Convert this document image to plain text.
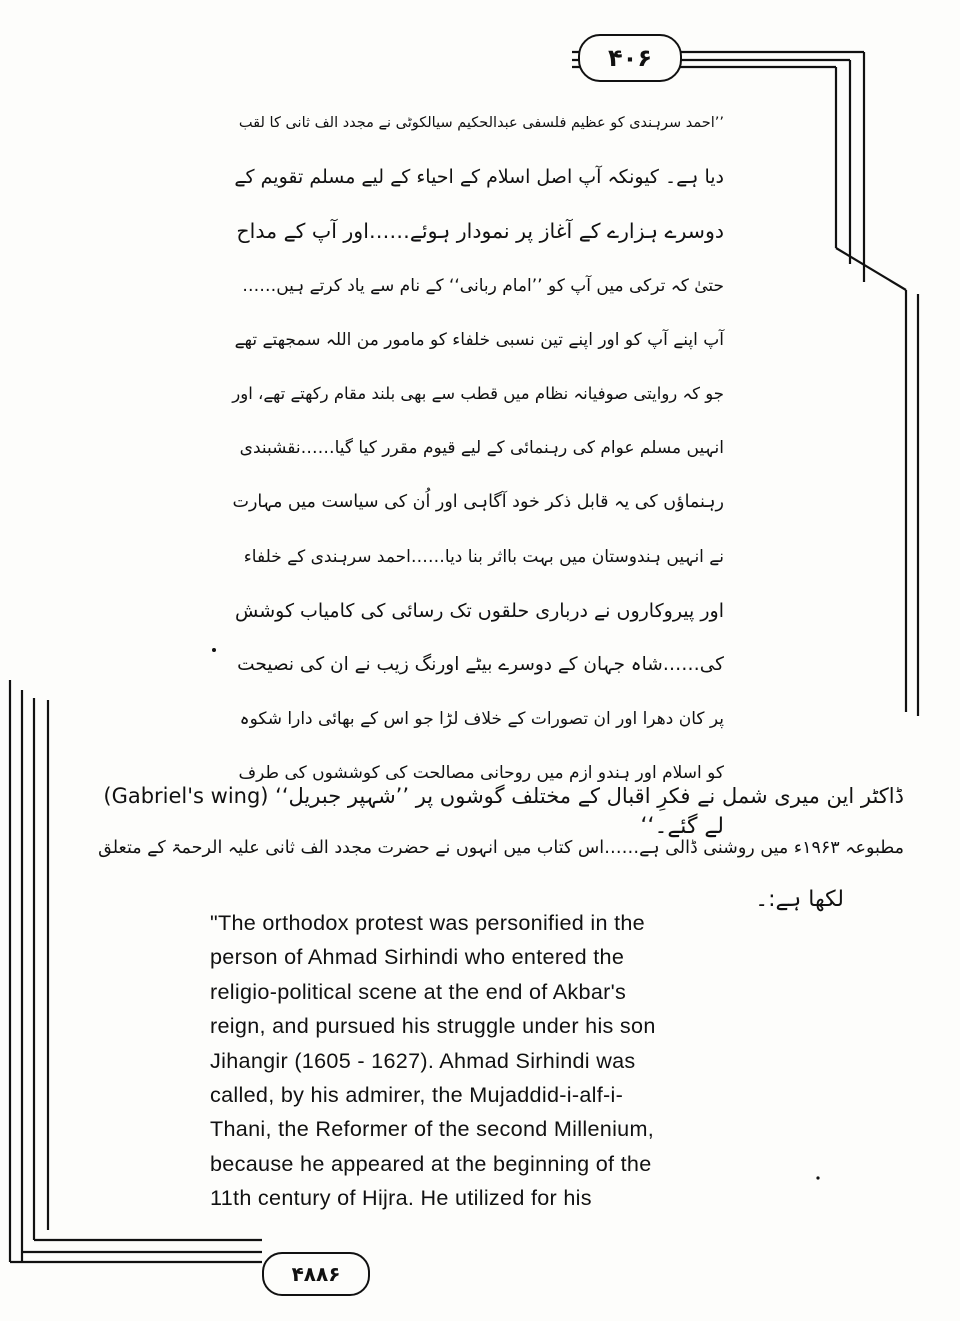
۴۰۶
’’احمد سرہندی کو عظیم فلسفی عبدالحکیم سیالکوٹی نے مجدد الف ثانی کا لقب
دیا ہے۔ کیونکہ آپ اصل اسلام کے احیاء کے لیے مسلم تقویم کے
دوسرے ہزارے کے آغاز پر نمودار ہوئے……اور آپ کے مداح
حتیٰ کہ ترکی میں آپ کو ’’امام ربانی‘‘ کے نام سے یاد کرتے ہیں……
آپ اپنے آپ کو اور اپنے تین نسبی خلفاء کو مامور من اللہ سمجھتے تھے
جو کہ روایتی صوفیانہ نظام میں قطب سے بھی بلند مقام رکھتے تھے، اور
انہیں مسلم عوام کی رہنمائی کے لیے قیوم مقرر کیا گیا……نقشبندی
رہنماؤں کی یہ قابل ذکر خود آگاہی اور اُن کی سیاست میں مہارت
نے انہیں ہندوستان میں بہت بااثر بنا دیا……احمد سرہندی کے خلفاء
اور پیروکاروں نے درباری حلقوں تک رسائی کی کامیاب کوشش
کی……شاہ جہان کے دوسرے بیٹے اورنگ زیب نے ان کی نصیحت
پر کان دھرا اور ان تصورات کے خلاف لڑا جو اس کے بھائی دارا شکوہ
کو اسلام اور ہندو ازم میں روحانی مصالحت کی کوششوں کی طرف
لے گئے۔‘‘
ڈاکٹر این میری شمل نے فکرِ اقبال کے مختلف گوشوں پر ’’شہپر جبریل‘‘ (Gabriel's wing)
مطبوعہ ۱۹۶۳ء میں روشنی ڈالی ہے……اس کتاب میں انہوں نے حضرت مجدد الف ثانی علیہ الرحمۃ کے متعلق
لکھا ہے:۔
"The orthodox protest was personified in the
person of Ahmad Sirhindi who entered the
religio-political scene at the end of Akbar's
reign, and pursued his struggle under his son
Jihangir (1605 - 1627). Ahmad Sirhindi was
called, by his admirer, the Mujaddid-i-alf-i-
Thani, the Reformer of the second Millenium,
because he appeared at the beginning of the
11th century of Hijra. He utilized for his
۴۸۸۶
